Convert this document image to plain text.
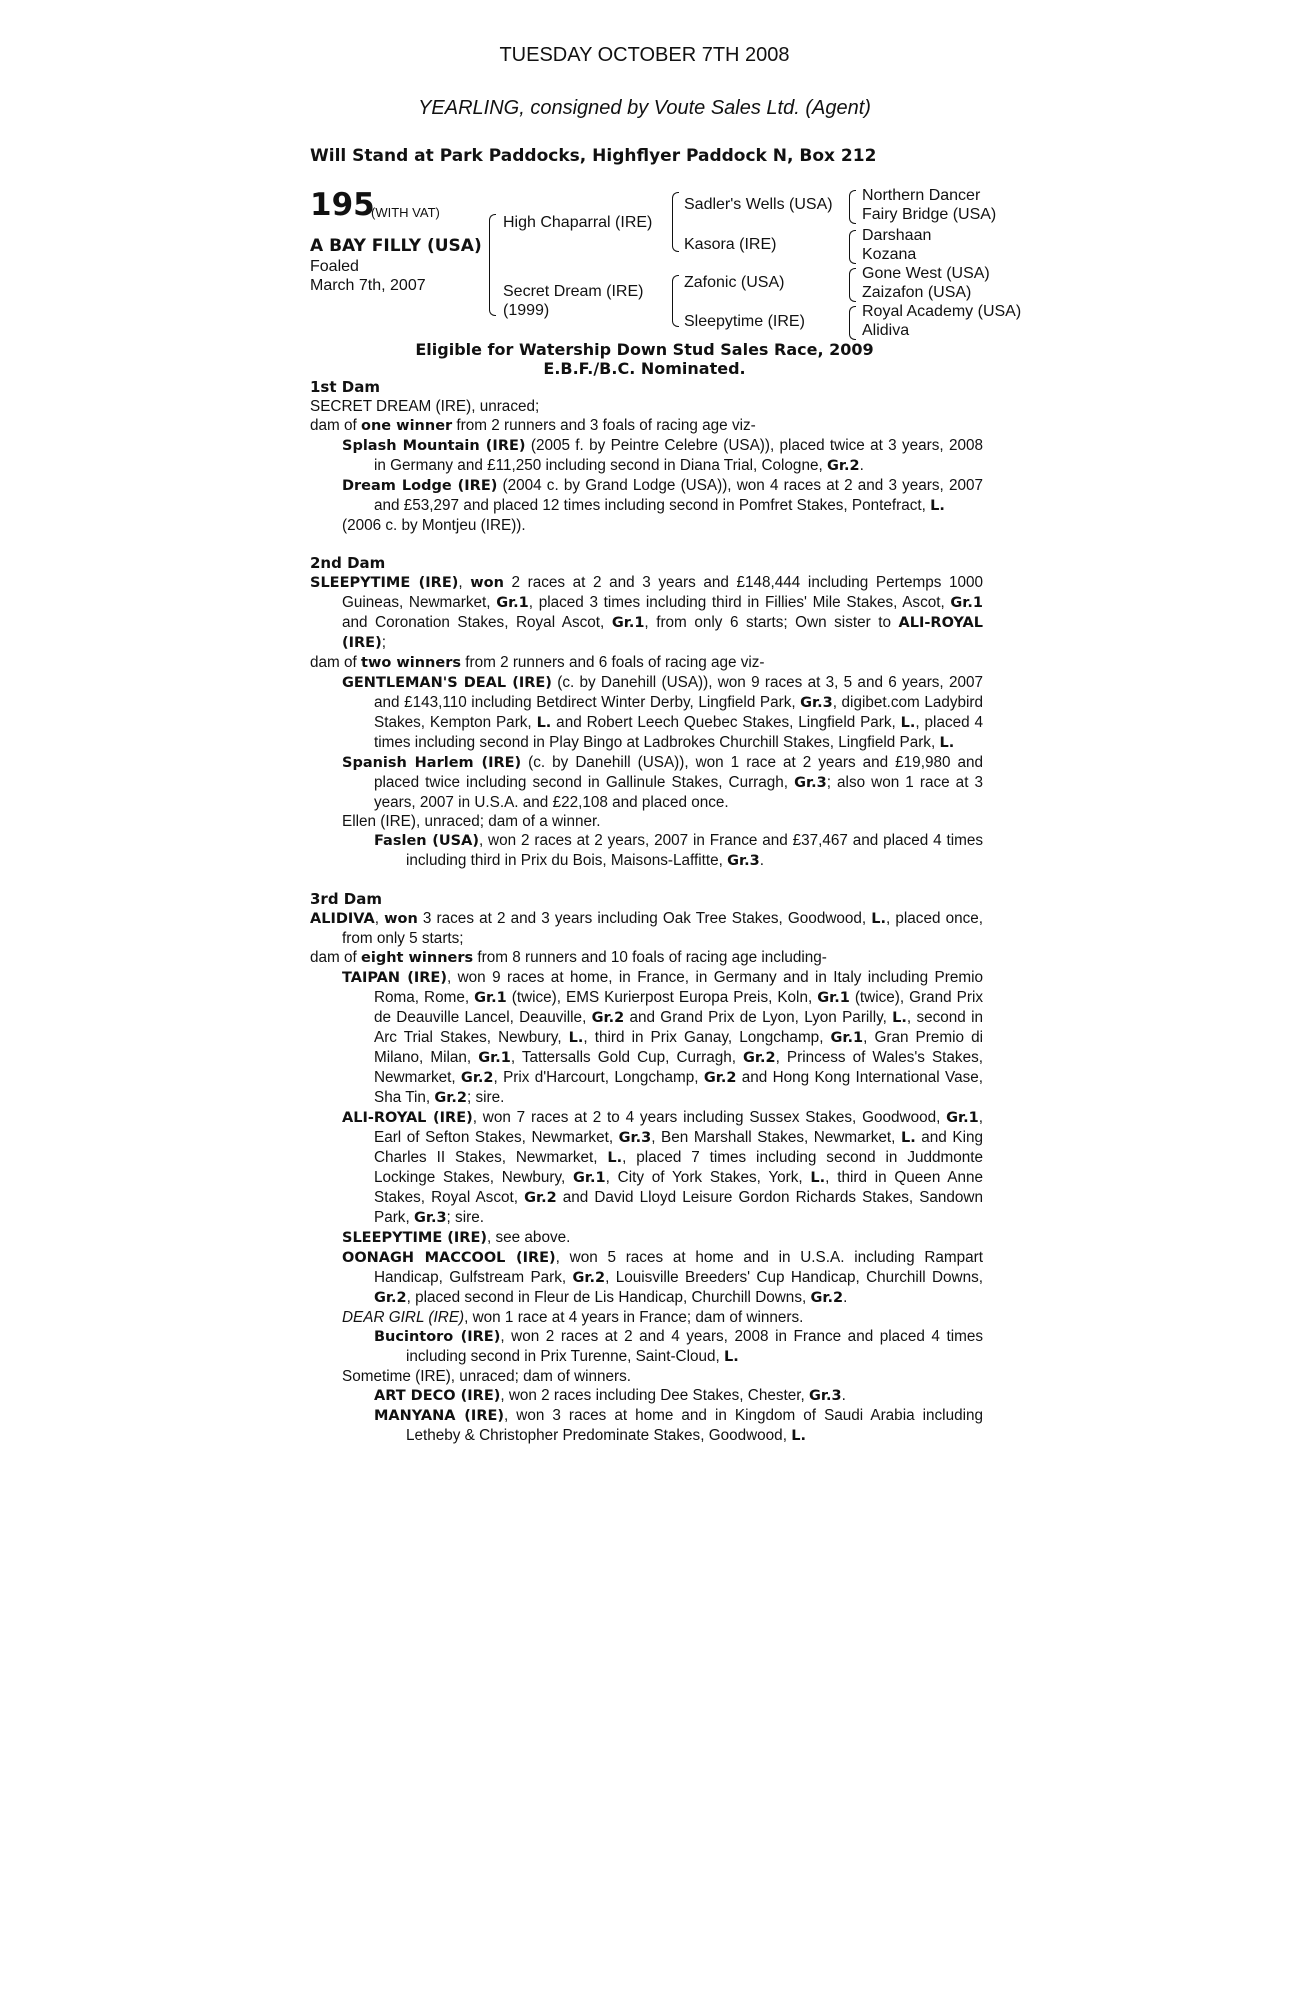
TUESDAY OCTOBER 7TH 2008
YEARLING, consigned by Voute Sales Ltd. (Agent)
Will Stand at Park Paddocks, Highflyer Paddock N, Box 212
195
(WITH VAT)
A BAY FILLY (USA)
Foaled
March 7th, 2007
High Chaparral (IRE)
Secret Dream (IRE)
(1999)
Sadler's Wells (USA)
Kasora (IRE)
Zafonic (USA)
Sleepytime (IRE)
Northern Dancer
Fairy Bridge (USA)
Darshaan
Kozana
Gone West (USA)
Zaizafon (USA)
Royal Academy (USA)
Alidiva
Eligible for Watership Down Stud Sales Race, 2009
E.B.F./B.C. Nominated.
1st Dam
SECRET DREAM (IRE), unraced;
dam of one winner from 2 runners and 3 foals of racing age viz-
Splash Mountain (IRE) (2005 f. by Peintre Celebre (USA)), placed twice at 3 years, 2008 in Germany and £11,250 including second in Diana Trial, Cologne, Gr.2.
Dream Lodge (IRE) (2004 c. by Grand Lodge (USA)), won 4 races at 2 and 3 years, 2007 and £53,297 and placed 12 times including second in Pomfret Stakes, Pontefract, L.
(2006 c. by Montjeu (IRE)).
2nd Dam
SLEEPYTIME (IRE), won 2 races at 2 and 3 years and £148,444 including Pertemps 1000 Guineas, Newmarket, Gr.1, placed 3 times including third in Fillies' Mile Stakes, Ascot, Gr.1 and Coronation Stakes, Royal Ascot, Gr.1, from only 6 starts; Own sister to ALI-ROYAL (IRE);
dam of two winners from 2 runners and 6 foals of racing age viz-
GENTLEMAN'S DEAL (IRE) (c. by Danehill (USA)), won 9 races at 3, 5 and 6 years, 2007 and £143,110 including Betdirect Winter Derby, Lingfield Park, Gr.3, digibet.com Ladybird Stakes, Kempton Park, L. and Robert Leech Quebec Stakes, Lingfield Park, L., placed 4 times including second in Play Bingo at Ladbrokes Churchill Stakes, Lingfield Park, L.
Spanish Harlem (IRE) (c. by Danehill (USA)), won 1 race at 2 years and £19,980 and placed twice including second in Gallinule Stakes, Curragh, Gr.3; also won 1 race at 3 years, 2007 in U.S.A. and £22,108 and placed once.
Ellen (IRE), unraced; dam of a winner.
Faslen (USA), won 2 races at 2 years, 2007 in France and £37,467 and placed 4 times including third in Prix du Bois, Maisons-Laffitte, Gr.3.
3rd Dam
ALIDIVA, won 3 races at 2 and 3 years including Oak Tree Stakes, Goodwood, L., placed once, from only 5 starts;
dam of eight winners from 8 runners and 10 foals of racing age including-
TAIPAN (IRE), won 9 races at home, in France, in Germany and in Italy including Premio Roma, Rome, Gr.1 (twice), EMS Kurierpost Europa Preis, Koln, Gr.1 (twice), Grand Prix de Deauville Lancel, Deauville, Gr.2 and Grand Prix de Lyon, Lyon Parilly, L., second in Arc Trial Stakes, Newbury, L., third in Prix Ganay, Longchamp, Gr.1, Gran Premio di Milano, Milan, Gr.1, Tattersalls Gold Cup, Curragh, Gr.2, Princess of Wales's Stakes, Newmarket, Gr.2, Prix d'Harcourt, Longchamp, Gr.2 and Hong Kong International Vase, Sha Tin, Gr.2; sire.
ALI-ROYAL (IRE), won 7 races at 2 to 4 years including Sussex Stakes, Goodwood, Gr.1, Earl of Sefton Stakes, Newmarket, Gr.3, Ben Marshall Stakes, Newmarket, L. and King Charles II Stakes, Newmarket, L., placed 7 times including second in Juddmonte Lockinge Stakes, Newbury, Gr.1, City of York Stakes, York, L., third in Queen Anne Stakes, Royal Ascot, Gr.2 and David Lloyd Leisure Gordon Richards Stakes, Sandown Park, Gr.3; sire.
SLEEPYTIME (IRE), see above.
OONAGH MACCOOL (IRE), won 5 races at home and in U.S.A. including Rampart Handicap, Gulfstream Park, Gr.2, Louisville Breeders' Cup Handicap, Churchill Downs, Gr.2, placed second in Fleur de Lis Handicap, Churchill Downs, Gr.2.
DEAR GIRL (IRE), won 1 race at 4 years in France; dam of winners.
Bucintoro (IRE), won 2 races at 2 and 4 years, 2008 in France and placed 4 times including second in Prix Turenne, Saint-Cloud, L.
Sometime (IRE), unraced; dam of winners.
ART DECO (IRE), won 2 races including Dee Stakes, Chester, Gr.3.
MANYANA (IRE), won 3 races at home and in Kingdom of Saudi Arabia including Letheby & Christopher Predominate Stakes, Goodwood, L.
